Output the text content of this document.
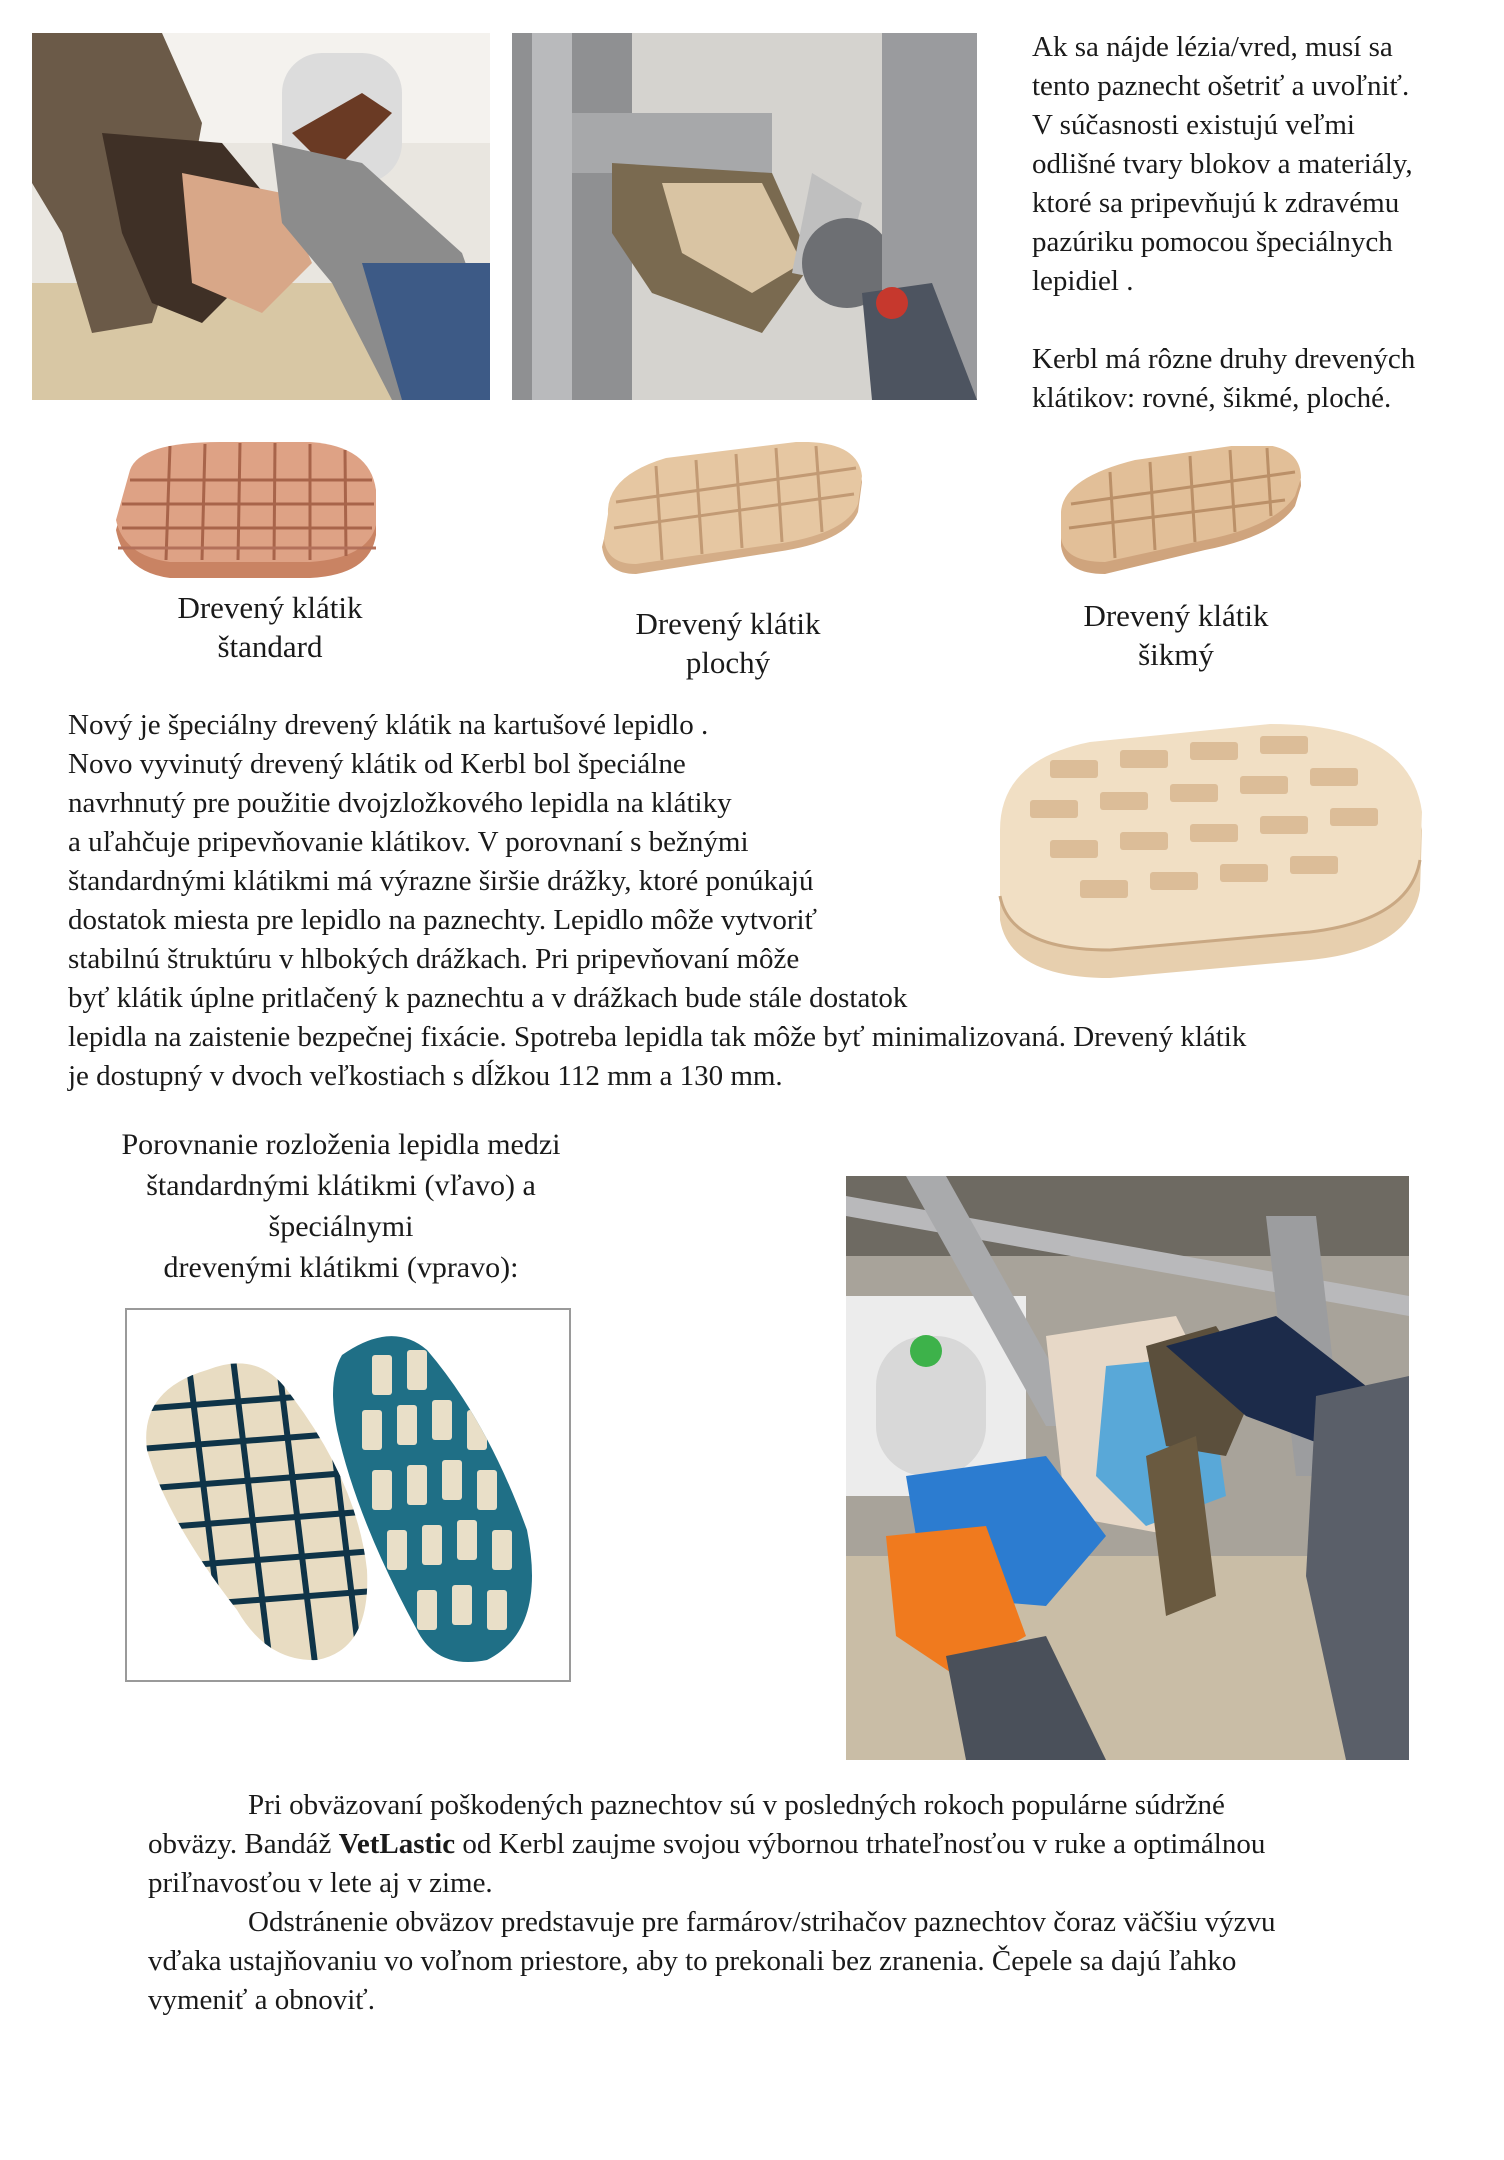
Ak sa nájde lézia/vred, musí sa
tento paznecht ošetriť a uvoľniť.
V súčasnosti existujú veľmi
odlišné tvary blokov a materiály,
ktoré sa pripevňujú k zdravému
pazúriku pomocou špeciálnych
lepidiel .
Kerbl má rôzne druhy drevených
klátikov: rovné, šikmé, ploché.
Drevený klátik
štandard
Drevený klátik
plochý
Drevený klátik
šikmý
Nový je špeciálny drevený klátik na kartušové lepidlo .
Novo vyvinutý drevený klátik od Kerbl bol špeciálne
navrhnutý pre použitie dvojzložkového lepidla na klátiky
a uľahčuje pripevňovanie klátikov. V porovnaní s bežnými
štandardnými klátikmi má výrazne širšie drážky, ktoré ponúkajú
dostatok miesta pre lepidlo na paznechty. Lepidlo môže vytvoriť
stabilnú štruktúru v hlbokých drážkach. Pri pripevňovaní môže
byť klátik úplne pritlačený k paznechtu a v drážkach bude stále dostatok
lepidla na zaistenie bezpečnej fixácie. Spotreba lepidla tak môže byť minimalizovaná. Drevený klátik
je dostupný v dvoch veľkostiach s dĺžkou 112 mm a 130 mm.
Porovnanie rozloženia lepidla medzi
štandardnými klátikmi (vľavo) a
špeciálnymi
drevenými klátikmi (vpravo):
Pri obväzovaní poškodených paznechtov sú v posledných rokoch populárne súdržné
obväzy. Bandáž VetLastic od Kerbl zaujme svojou výbornou trhateľnosťou v ruke a optimálnou
priľnavosťou v lete aj v zime.
Odstránenie obväzov predstavuje pre farmárov/strihačov paznechtov čoraz väčšiu výzvu
vďaka ustajňovaniu vo voľnom priestore, aby to prekonali bez zranenia. Čepele sa dajú ľahko
vymeniť a obnoviť.
